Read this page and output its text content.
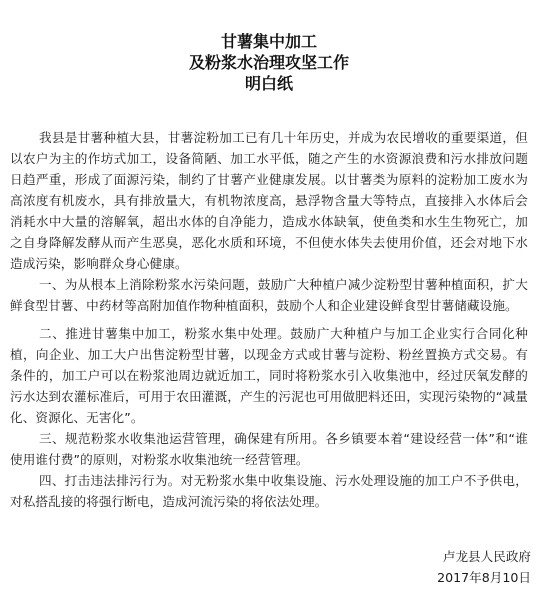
甘薯集中加工
及粉浆水治理攻坚工作
明白纸

我县是甘薯种植大县，甘薯淀粉加工已有几十年历史，并成为农民增收的重要渠道，但以农户为主的作坊式加工，设备简陋、加工水平低，随之产生的水资源浪费和污水排放问题日趋严重，形成了面源污染，制约了甘薯产业健康发展。以甘薯类为原料的淀粉加工废水为高浓度有机废水，具有排放量大，有机物浓度高，悬浮物含量大等特点，直接排入水体后会消耗水中大量的溶解氧，超出水体的自净能力，造成水体缺氧，使鱼类和水生生物死亡，加之自身降解发酵从而产生恶臭，恶化水质和环境，不但使水体失去使用价值，还会对地下水造成污染，影响群众身心健康。

一、为从根本上消除粉浆水污染问题，鼓励广大种植户减少淀粉型甘薯种植面积，扩大鲜食型甘薯、中药材等高附加值作物种植面积，鼓励个人和企业建设鲜食型甘薯储藏设施。

二、推进甘薯集中加工，粉浆水集中处理。鼓励广大种植户与加工企业实行合同化种植，向企业、加工大户出售淀粉型甘薯，以现金方式或甘薯与淀粉、粉丝置换方式交易。有条件的，加工户可以在粉浆池周边就近加工，同时将粉浆水引入收集池中，经过厌氧发酵的污水达到农灌标准后，可用于农田灌溉，产生的污泥也可用做肥料还田，实现污染物的“减量化、资源化、无害化”。

三、规范粉浆水收集池运营管理，确保建有所用。各乡镇要本着“建设经营一体”和“谁使用谁付费”的原则，对粉浆水收集池统一经营管理。

四、打击违法排污行为。对无粉浆水集中收集设施、污水处理设施的加工户不予供电，对私搭乱接的将强行断电，造成河流污染的将依法处理。

卢龙县人民政府
2017年8月10日
